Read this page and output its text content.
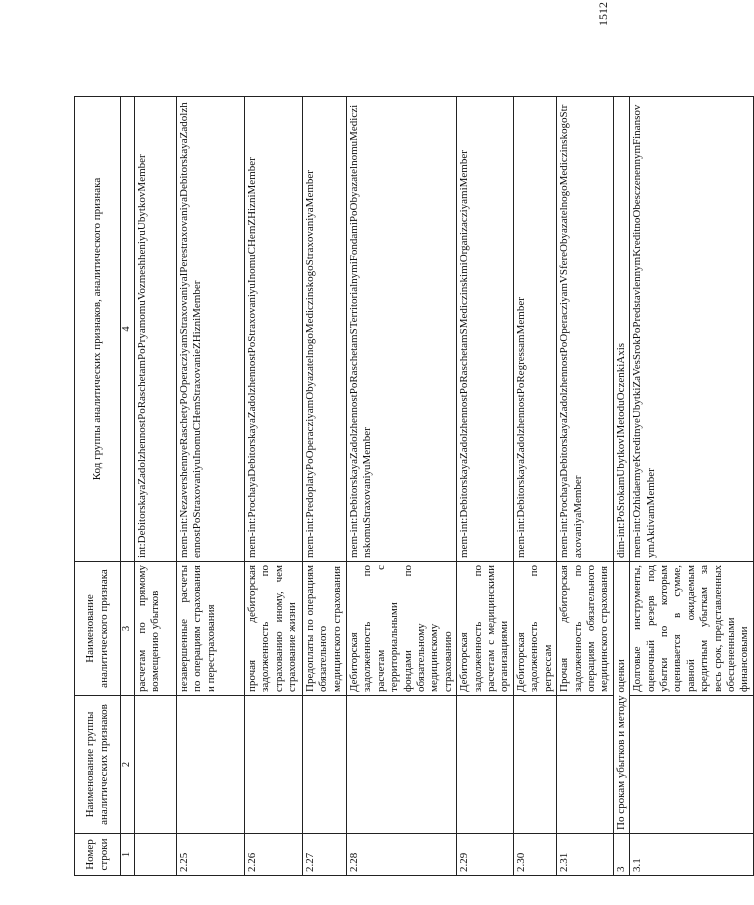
1512
Номер строки	Наименование группы аналитических признаков	Наименование аналитического признака	Код группы аналитических признаков, аналитического признака
1	2	3	4
		расчетам по прямому возмещению убытков	int:DebitorskayaZadolzhennostPoRaschetamPoPryamomuVozmeshheniyuUbytkovMember
2.25		незавершенные расчеты по операциям страхования и перестрахования	mem-int:NezavershennyeRaschetyPoOperacziyamStraxovaniyaIPerestraxovaniyaDebitorskayaZadolzhennostPoStraxovaniyuInomuCHemStraxovanieZHizniMember
2.26		прочая дебиторская задолженность по страхованию иному, чем страхование жизни	mem-int:ProchayaDebitorskayaZadolzhennostPoStraxovaniyuInomuCHemZHizniMember
2.27		Предоплаты по операциям обязательного медицинского страхования	mem-int:PredoplatyPoOperacziyamObyazatelnogoMediczinskogoStraxovaniyaMember
2.28		Дебиторская задолженность по расчетам с территориальными фондами по обязательному медицинскому страхованию	mem-int:DebitorskayaZadolzhennostPoRaschetamSTerritorialnymiFondamiPoObyazatelnomuMediczinskomuStraxovaniyuMember
2.29		Дебиторская задолженность по расчетам с медицинскими организациями	mem-int:DebitorskayaZadolzhennostPoRaschetamSMediczinskimiOrganizacziyamiMember
2.30		Дебиторская задолженность по регрессам	mem-int:DebitorskayaZadolzhennostPoRegressamMember
2.31		Прочая дебиторская задолженность по операциям обязательного медицинского страхования	mem-int:ProchayaDebitorskayaZadolzhennostPoOperacziyamVSfereObyazatelnogoMediczinskogoStraxovaniyaMember
3	По срокам убытков и методу оценки		dim-int:PoSrokamUbytkovIMetoduOczenkiAxis
3.1		Долговые инструменты, оценочный резерв под убытки по которым оценивается в сумме, равной ожидаемым кредитным убыткам за весь срок, представленных обесцененными финансовыми	mem-int:OzhidaemyeKreditnyeUbytkiZaVesSrokPoPredstavlennymKreditnoObesczenennymFinansovymAktivamMember
